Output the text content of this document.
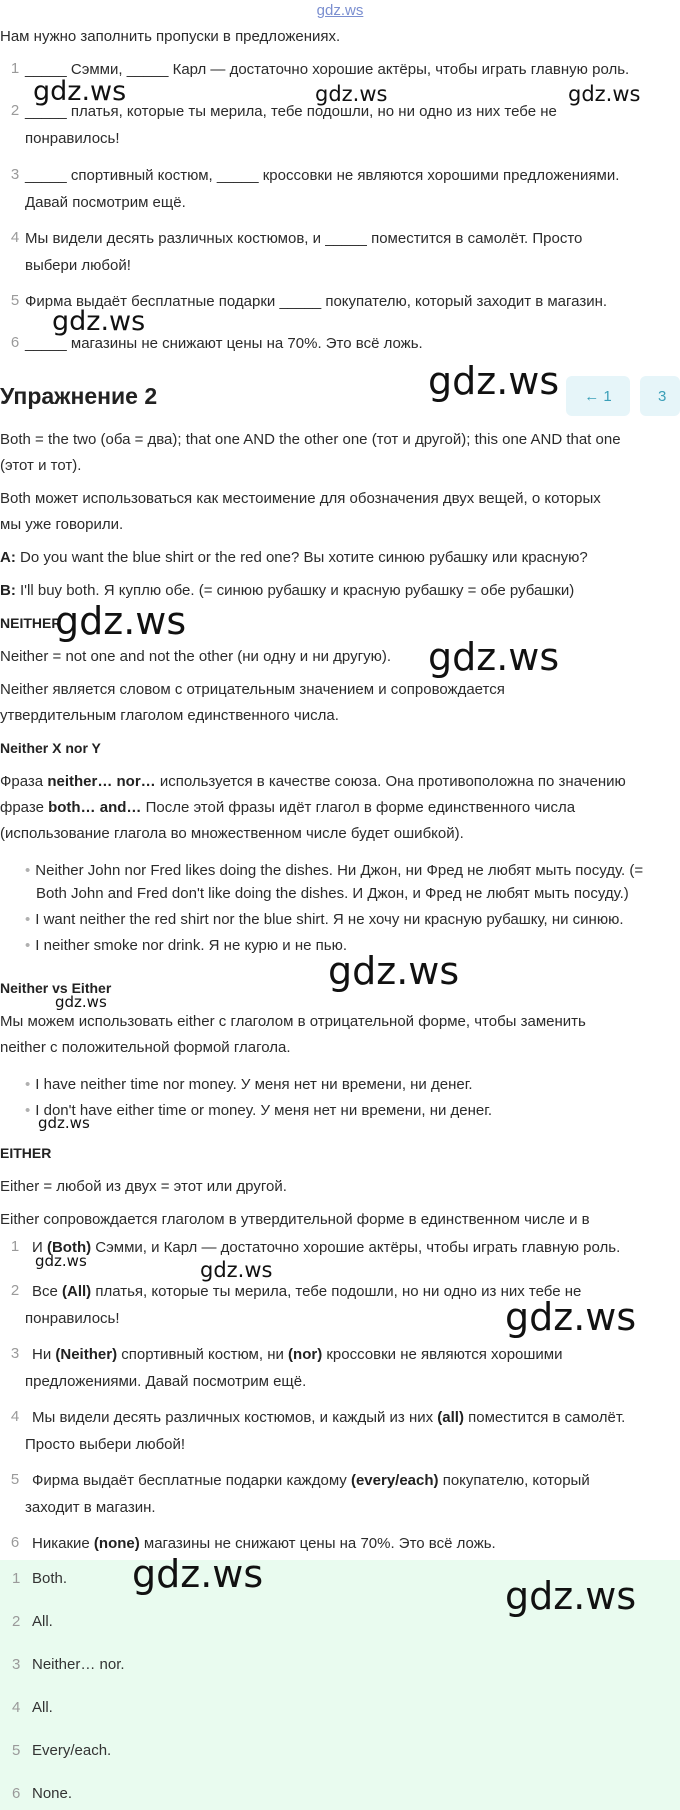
gdz.ws
Нам нужно заполнить пропуски в предложениях.
1 _____ Сэмми, _____ Карл — достаточно хорошие актёры, чтобы играть главную роль.
2 _____ платья, которые ты мерила, тебе подошли, но ни одно из них тебе не
понравилось!
3 _____ спортивный костюм, _____ кроссовки не являются хорошими предложениями.
Давай посмотрим ещё.
4 Мы видели десять различных костюмов, и _____ поместится в самолёт. Просто
выбери любой!
5 Фирма выдаёт бесплатные подарки _____ покупателю, который заходит в магазин.
6 _____ магазины не снижают цены на 70%. Это всё ложь.
Упражнение 2	← 1	3
Both = the two (оба = два); that one AND the other one (тот и другой); this one AND that one
(этот и тот).
Both может использоваться как местоимение для обозначения двух вещей, о которых
мы уже говорили.
A: Do you want the blue shirt or the red one? Вы хотите синюю рубашку или красную?
B: I'll buy both. Я куплю обе. (= синюю рубашку и красную рубашку = обе рубашки)
NEITHER
Neither = not one and not the other (ни одну и ни другую).
Neither является словом с отрицательным значением и сопровождается
утвердительным глаголом единственного числа.
Neither X nor Y
Фраза neither… nor… используется в качестве союза. Она противоположна по значению
фразе both… and… После этой фразы идёт глагол в форме единственного числа
(использование глагола во множественном числе будет ошибкой).
• Neither John nor Fred likes doing the dishes. Ни Джон, ни Фред не любят мыть посуду. (=
Both John and Fred don't like doing the dishes. И Джон, и Фред не любят мыть посуду.)
• I want neither the red shirt nor the blue shirt. Я не хочу ни красную рубашку, ни синюю.
• I neither smoke nor drink. Я не курю и не пью.
Neither vs Either
Мы можем использовать either с глаголом в отрицательной форме, чтобы заменить
neither с положительной формой глагола.
• I have neither time nor money. У меня нет ни времени, ни денег.
• I don't have either time or money. У меня нет ни времени, ни денег.
EITHER
Either = любой из двух = этот или другой.
Either сопровождается глаголом в утвердительной форме в единственном числе и в
1 И (Both) Сэмми, и Карл — достаточно хорошие актёры, чтобы играть главную роль.
2 Все (All) платья, которые ты мерила, тебе подошли, но ни одно из них тебе не
понравилось!
3 Ни (Neither) спортивный костюм, ни (nor) кроссовки не являются хорошими
предложениями. Давай посмотрим ещё.
4 Мы видели десять различных костюмов, и каждый из них (all) поместится в самолёт.
Просто выбери любой!
5 Фирма выдаёт бесплатные подарки каждому (every/each) покупателю, который
заходит в магазин.
6 Никакие (none) магазины не снижают цены на 70%. Это всё ложь.
1 Both.
2 All.
3 Neither… nor.
4 All.
5 Every/each.
6 None.
gdz.ws	gdz.ws	gdz.ws
gdz.ws
gdz.ws
gdz.ws
gdz.ws
gdz.ws
gdz.ws
gdz.ws
gdz.ws	gdz.ws
gdz.ws
gdz.ws	gdz.ws
